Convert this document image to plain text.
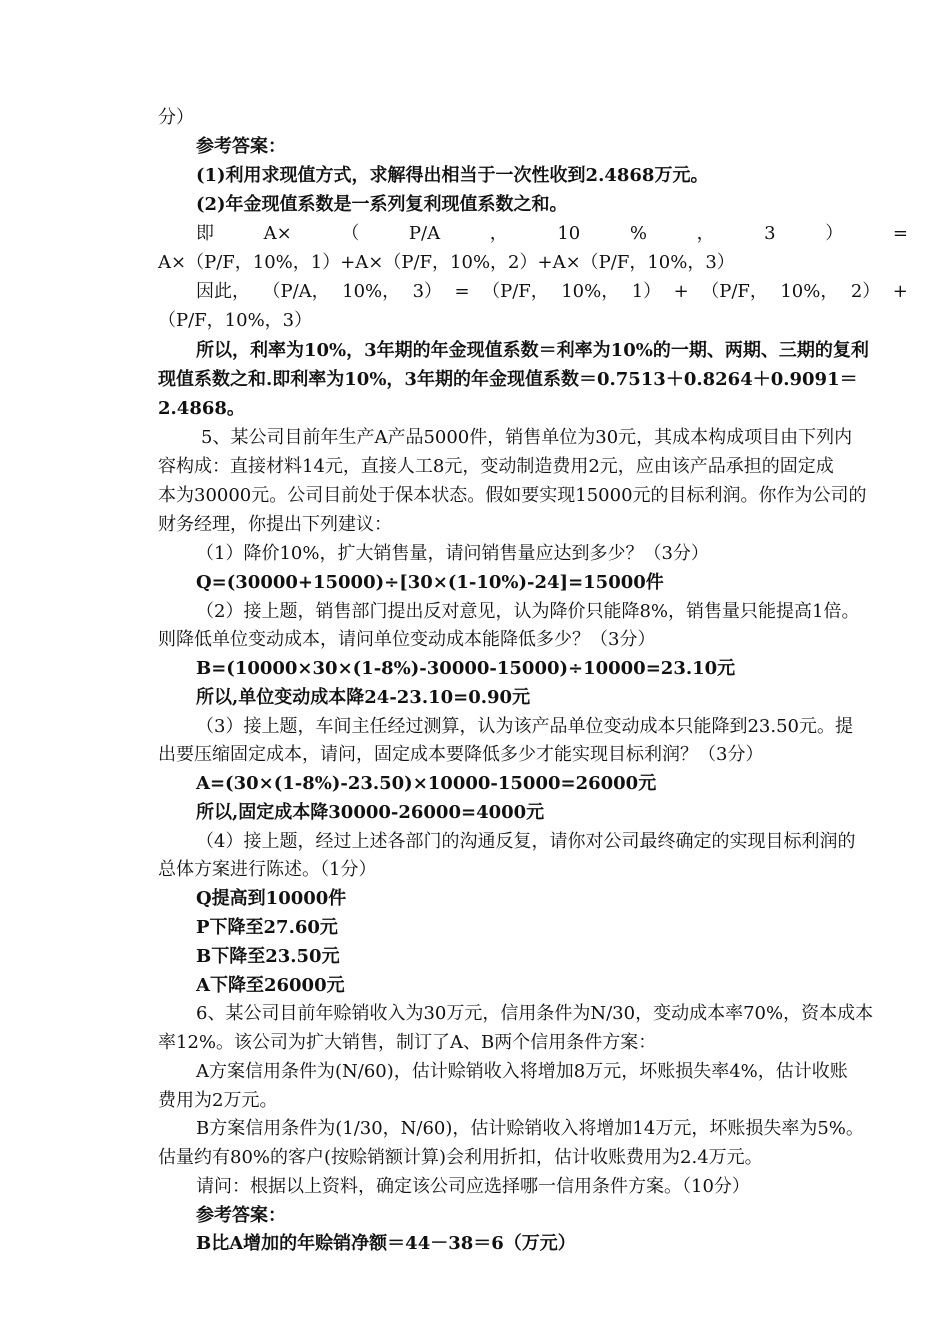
分）
参考答案：
(1)利用求现值方式，求解得出相当于一次性收到2.4868万元。
(2)年金现值系数是一系列复利现值系数之和。
即	A×	（	P/A	，	10	%	，	3	）	=
A×（P/F，10%，1）+A×（P/F，10%，2）+A×（P/F，10%，3）
因此， （P/A， 10%， 3） = （P/F， 10%， 1） + （P/F， 10%， 2） +
（P/F，10%，3）
所以，利率为10%，3年期的年金现值系数＝利率为10%的一期、两期、三期的复利
现值系数之和.即利率为10%，3年期的年金现值系数＝0.7513＋0.8264＋0.9091＝
2.4868。
5、某公司目前年生产A产品5000件，销售单位为30元，其成本构成项目由下列内
容构成：直接材料14元，直接人工8元，变动制造费用2元，应由该产品承担的固定成
本为30000元。公司目前处于保本状态。假如要实现15000元的目标利润。你作为公司的
财务经理，你提出下列建议：
（1）降价10%，扩大销售量，请问销售量应达到多少？（3分）
Q=(30000+15000)÷[30×(1-10%)-24]=15000件
（2）接上题，销售部门提出反对意见，认为降价只能降8%，销售量只能提高1倍。
则降低单位变动成本，请问单位变动成本能降低多少？（3分）
B=(10000×30×(1-8%)-30000-15000)÷10000=23.10元
所以,单位变动成本降24-23.10=0.90元
（3）接上题，车间主任经过测算，认为该产品单位变动成本只能降到23.50元。提
出要压缩固定成本，请问，固定成本要降低多少才能实现目标利润？（3分）
A=(30×(1-8%)-23.50)×10000-15000=26000元
所以,固定成本降30000-26000=4000元
（4）接上题，经过上述各部门的沟通反复，请你对公司最终确定的实现目标利润的
总体方案进行陈述。（1分）
Q提高到10000件
P下降至27.60元
B下降至23.50元
A下降至26000元
6、某公司目前年赊销收入为30万元，信用条件为N/30，变动成本率70%，资本成本
率12%。该公司为扩大销售，制订了A、B两个信用条件方案：
A方案信用条件为(N/60)，估计赊销收入将增加8万元，坏账损失率4%，估计收账
费用为2万元。
B方案信用条件为(1/30，N/60)，估计赊销收入将增加14万元，坏账损失率为5%。
估量约有80%的客户(按赊销额计算)会利用折扣，估计收账费用为2.4万元。
请问：根据以上资料，确定该公司应选择哪一信用条件方案。（10分）
参考答案：
B比A增加的年赊销净额＝44－38＝6（万元）
